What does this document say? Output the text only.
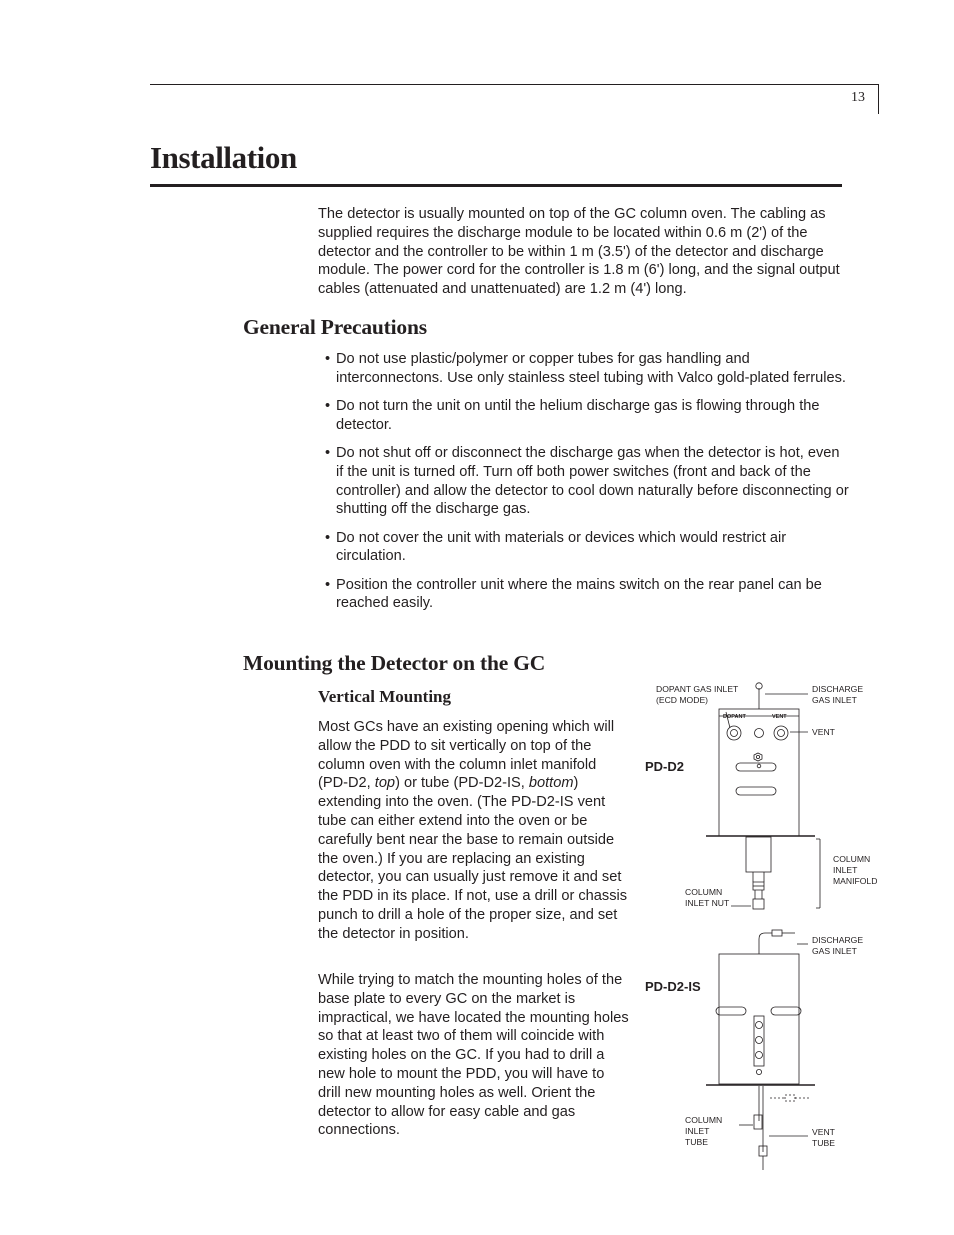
13
Installation
The detector is usually mounted on top of the GC column oven. The cabling as supplied requires the discharge module to be located within 0.6 m (2') of the detector and the controller to be within 1 m (3.5') of the detector and discharge module. The power cord for the controller is 1.8 m (6') long, and the signal output cables (attenuated and unattenuated) are 1.2 m (4') long.
General Precautions
• Do not use plastic/polymer or copper tubes for gas handling and interconnectons. Use only stainless steel tubing with Valco gold-plated ferrules.
• Do not turn the unit on until the helium discharge gas is flowing through the detector.
• Do not shut off or disconnect the discharge gas when the detector is hot, even if the unit is turned off. Turn off both power switches (front and back of the controller) and allow the detector to cool down naturally before disconnecting or shutting off the discharge gas.
• Do not cover the unit with materials or devices which would restrict air circulation.
• Position the controller unit where the mains switch on the rear panel can be reached easily.
Mounting the Detector on the GC
Vertical Mounting
Most GCs have an existing opening which will allow the PDD to sit vertically on top of the column oven with the column inlet manifold (PD-D2, top) or tube (PD-D2-IS, bottom) extending into the oven. (The PD-D2-IS vent tube can either extend into the oven or be carefully bent near the base to remain outside the oven.) If you are replacing an existing detector, you can usually just remove it and set the PDD in its place. If not, use a drill or chassis punch to drill a hole of the proper size, and set the detector in position.
While trying to match the mounting holes of the base plate to every GC on the market is impractical, we have located the mounting holes so that at least two of them will coincide with existing holes on the GC. If you had to drill a new hole to mount the PDD, you will have to drill new mounting holes as well. Orient the detector to allow for easy cable and gas connections.
DOPANT	VENT
PD-D2
DOPANT GAS INLET
(ECD MODE)
DISCHARGE
GAS INLET
VENT
COLUMN
INLET
MANIFOLD
COLUMN
INLET NUT
PD-D2-IS
DISCHARGE
GAS INLET
COLUMN
INLET
TUBE
VENT
TUBE
